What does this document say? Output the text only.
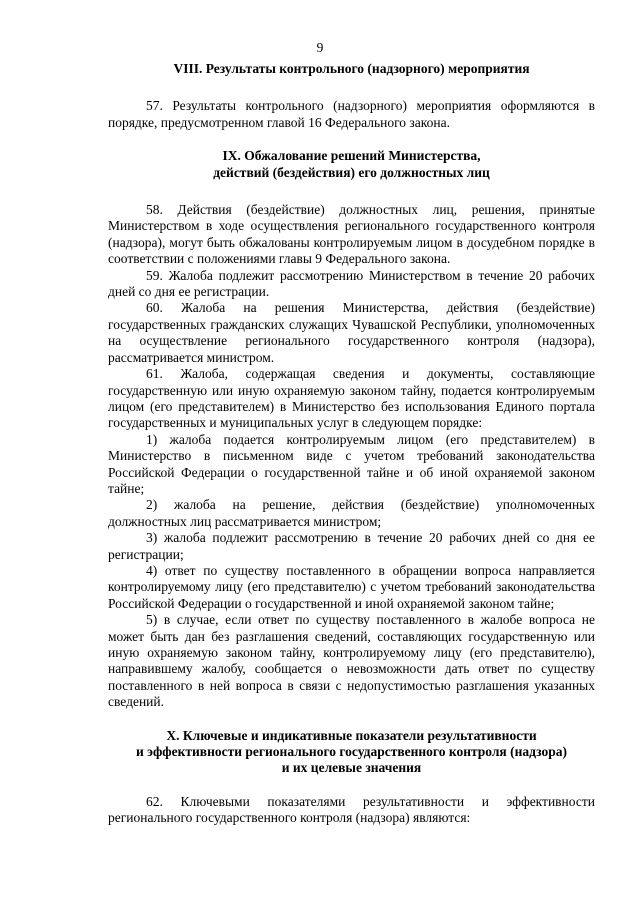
9

VIII. Результаты контрольного (надзорного) мероприятия

57. Результаты контрольного (надзорного) мероприятия оформляются в порядке, предусмотренном главой 16 Федерального закона.

IX. Обжалование решений Министерства,
действий (бездействия) его должностных лиц

58. Действия (бездействие) должностных лиц, решения, принятые Министерством в ходе осуществления регионального государственного контроля (надзора), могут быть обжалованы контролируемым лицом в досудебном порядке в соответствии с положениями главы 9 Федерального закона.

59. Жалоба подлежит рассмотрению Министерством в течение 20 рабочих дней со дня ее регистрации.

60. Жалоба на решения Министерства, действия (бездействие) государственных гражданских служащих Чувашской Республики, уполномоченных на осуществление регионального государственного контроля (надзора), рассматривается министром.

61. Жалоба, содержащая сведения и документы, составляющие государственную или иную охраняемую законом тайну, подается контролируемым лицом (его представителем) в Министерство без использования Единого портала государственных и муниципальных услуг в следующем порядке:

1) жалоба подается контролируемым лицом (его представителем) в Министерство в письменном виде с учетом требований законодательства Российской Федерации о государственной тайне и об иной охраняемой законом тайне;

2) жалоба на решение, действия (бездействие) уполномоченных должностных лиц рассматривается министром;

3) жалоба подлежит рассмотрению в течение 20 рабочих дней со дня ее регистрации;

4) ответ по существу поставленного в обращении вопроса направляется контролируемому лицу (его представителю) с учетом требований законодательства Российской Федерации о государственной и иной охраняемой законом тайне;

5) в случае, если ответ по существу поставленного в жалобе вопроса не может быть дан без разглашения сведений, составляющих государственную или иную охраняемую законом тайну, контролируемому лицу (его представителю), направившему жалобу, сообщается о невозможности дать ответ по существу поставленного в ней вопроса в связи с недопустимостью разглашения указанных сведений.

X. Ключевые и индикативные показатели результативности
и эффективности регионального государственного контроля (надзора)
и их целевые значения

62. Ключевыми показателями результативности и эффективности регионального государственного контроля (надзора) являются:
